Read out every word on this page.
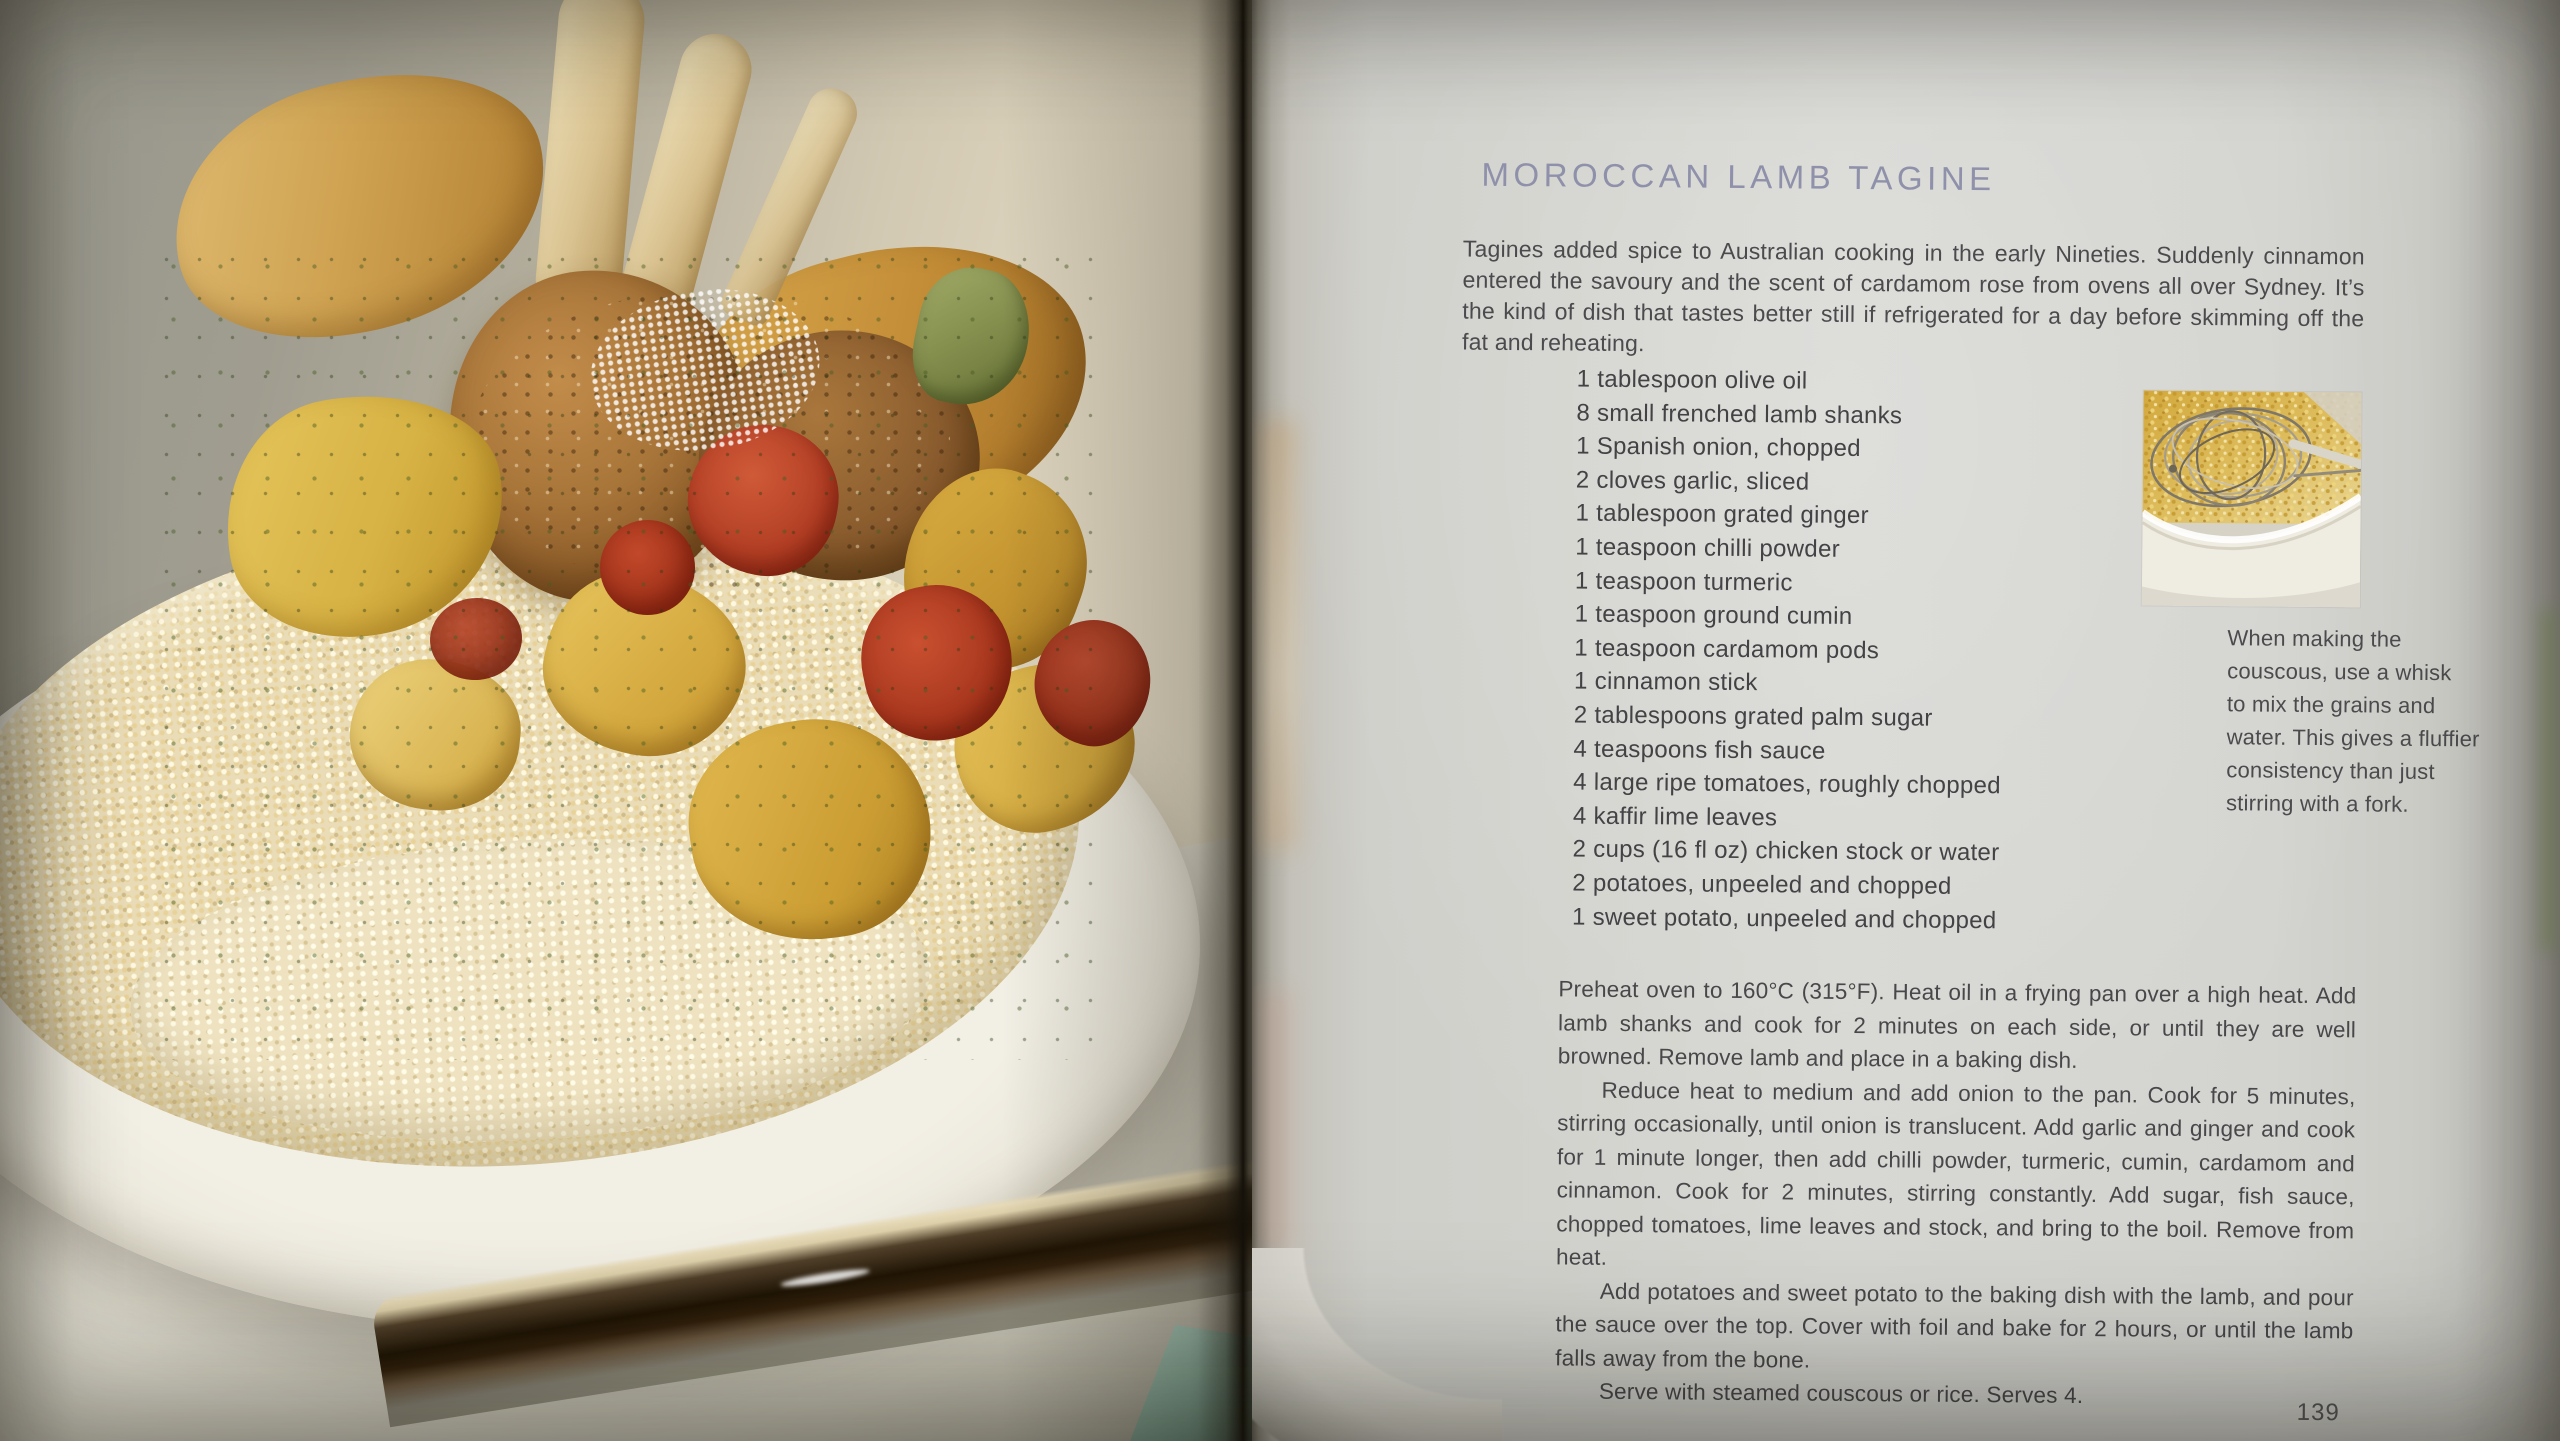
MOROCCAN LAMB TAGINE
Tagines added spice to Australian cooking in the early Nineties. Suddenly cinnamon entered the savoury and the scent of cardamom rose from ovens all over Sydney. It’s the kind of dish that tastes better still if refrigerated for a day before skimming off the fat and reheating.
1 tablespoon olive oil
8 small frenched lamb shanks
1 Spanish onion, chopped
2 cloves garlic, sliced
1 tablespoon grated ginger
1 teaspoon chilli powder
1 teaspoon turmeric
1 teaspoon ground cumin
1 teaspoon cardamom pods
1 cinnamon stick
2 tablespoons grated palm sugar
4 teaspoons fish sauce
4 large ripe tomatoes, roughly chopped
4 kaffir lime leaves
2 cups (16 fl oz) chicken stock or water
2 potatoes, unpeeled and chopped
1 sweet potato, unpeeled and chopped
When making the
couscous, use a whisk
to mix the grains and
water. This gives a fluffier
consistency than just
stirring with a fork.

Preheat oven to 160°C (315°F). Heat oil in a frying pan over a high heat. Add lamb shanks and cook for 2 minutes on each side, or until they are well browned. Remove lamb and place in a baking dish.

Reduce heat to medium and add onion to the pan. Cook for 5 minutes, stirring occasionally, until onion is translucent. Add garlic and ginger and cook for 1 minute longer, then add chilli powder, turmeric, cumin, cardamom and cinnamon. Cook for 2 minutes, stirring constantly. Add sugar, fish sauce, chopped tomatoes, lime leaves and stock, and bring to the boil. Remove from heat.

Add potatoes and sweet potato to the baking dish with the lamb, and pour the sauce over the top. Cover with foil and bake for 2 hours, or until the lamb falls away from the bone.

Serve with steamed couscous or rice. Serves 4.

139
